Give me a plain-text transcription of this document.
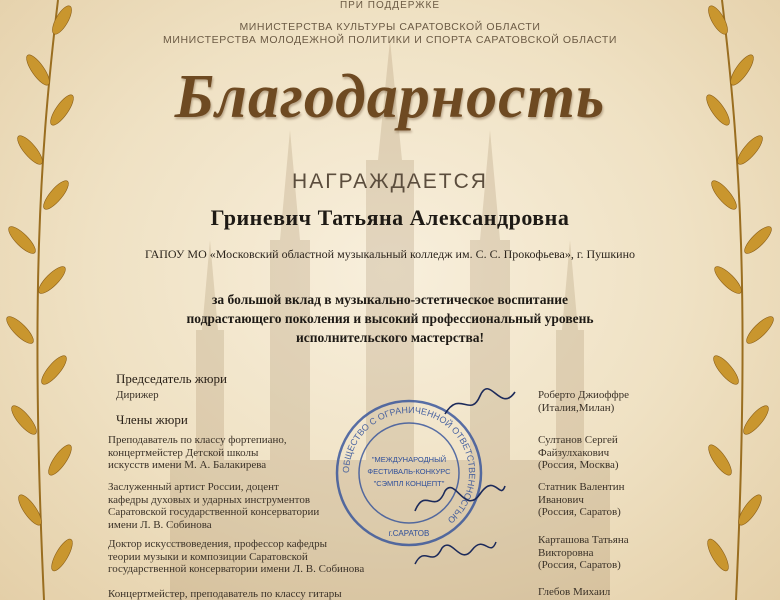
ПРИ ПОДДЕРЖКЕ
МИНИСТЕРСТВА КУЛЬТУРЫ САРАТОВСКОЙ ОБЛАСТИ
МИНИСТЕРСТВА МОЛОДЕЖНОЙ ПОЛИТИКИ И СПОРТА САРАТОВСКОЙ ОБЛАСТИ
Благодарность
НАГРАЖДАЕТСЯ
Гриневич Татьяна Александровна
ГАПОУ МО «Московский областной музыкальный колледж им. С. С. Прокофьева», г. Пушкино
за большой вклад в музыкально-эстетическое воспитание
подрастающего поколения и высокий профессиональный уровень
исполнительского мастерства!
Председатель жюри
Дирижер
Члены жюри
Преподаватель по классу фортепиано,
концертмейстер Детской школы
искусств имени М. А. Балакирева
Заслуженный артист России, доцент
кафедры духовых и ударных инструментов
Саратовской государственной консерватории
имени Л. В. Собинова
Доктор искусствоведения, профессор кафедры
теории музыки и композиции Саратовской
государственной консерватории имени Л. В. Собинова
Концертмейстер, преподаватель по классу гитары
Роберто Джиоффре
(Италия,Милан)
Султанов Сергей
Файзулхакович
(Россия, Москва)
Статник Валентин
Иванович
(Россия, Саратов)
Карташова Татьяна
Викторовна
(Россия, Саратов)
Глебов Михаил
ОБЩЕСТВО С ОГРАНИЧЕННОЙ ОТВЕТСТВЕННОСТЬЮ
"МЕЖДУНАРОДНЫЙ
ФЕСТИВАЛЬ-КОНКУРС
"СЭМПЛ КОНЦЕПТ"
г.САРАТОВ
